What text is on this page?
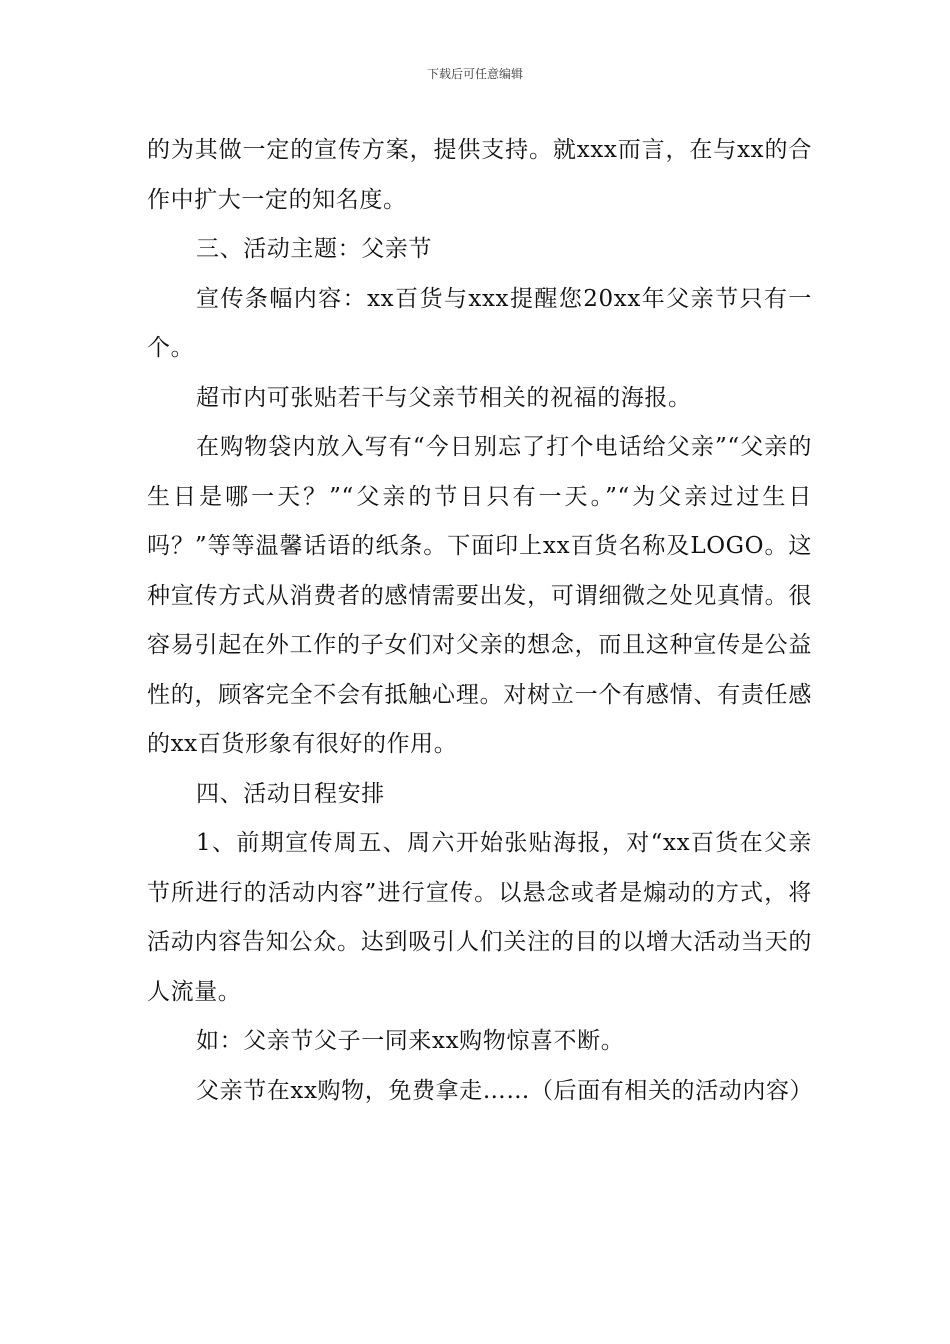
下载后可任意编辑

的为其做一定的宣传方案，提供支持。就xxx而言，在与xx的合作中扩大一定的知名度。

三、活动主题：父亲节

宣传条幅内容：xx百货与xxx提醒您20xx年父亲节只有一个。

超市内可张贴若干与父亲节相关的祝福的海报。

在购物袋内放入写有“今日别忘了打个电话给父亲”“父亲的生日是哪一天？”“父亲的节日只有一天。”“为父亲过过生日吗？”等等温馨话语的纸条。下面印上xx百货名称及LOGO。这种宣传方式从消费者的感情需要出发，可谓细微之处见真情。很容易引起在外工作的子女们对父亲的想念，而且这种宣传是公益性的，顾客完全不会有抵触心理。对树立一个有感情、有责任感的xx百货形象有很好的作用。

四、活动日程安排

1、前期宣传周五、周六开始张贴海报，对“xx百货在父亲节所进行的活动内容”进行宣传。以悬念或者是煽动的方式，将活动内容告知公众。达到吸引人们关注的目的以增大活动当天的人流量。

如：父亲节父子一同来xx购物惊喜不断。

父亲节在xx购物，免费拿走……（后面有相关的活动内容）
